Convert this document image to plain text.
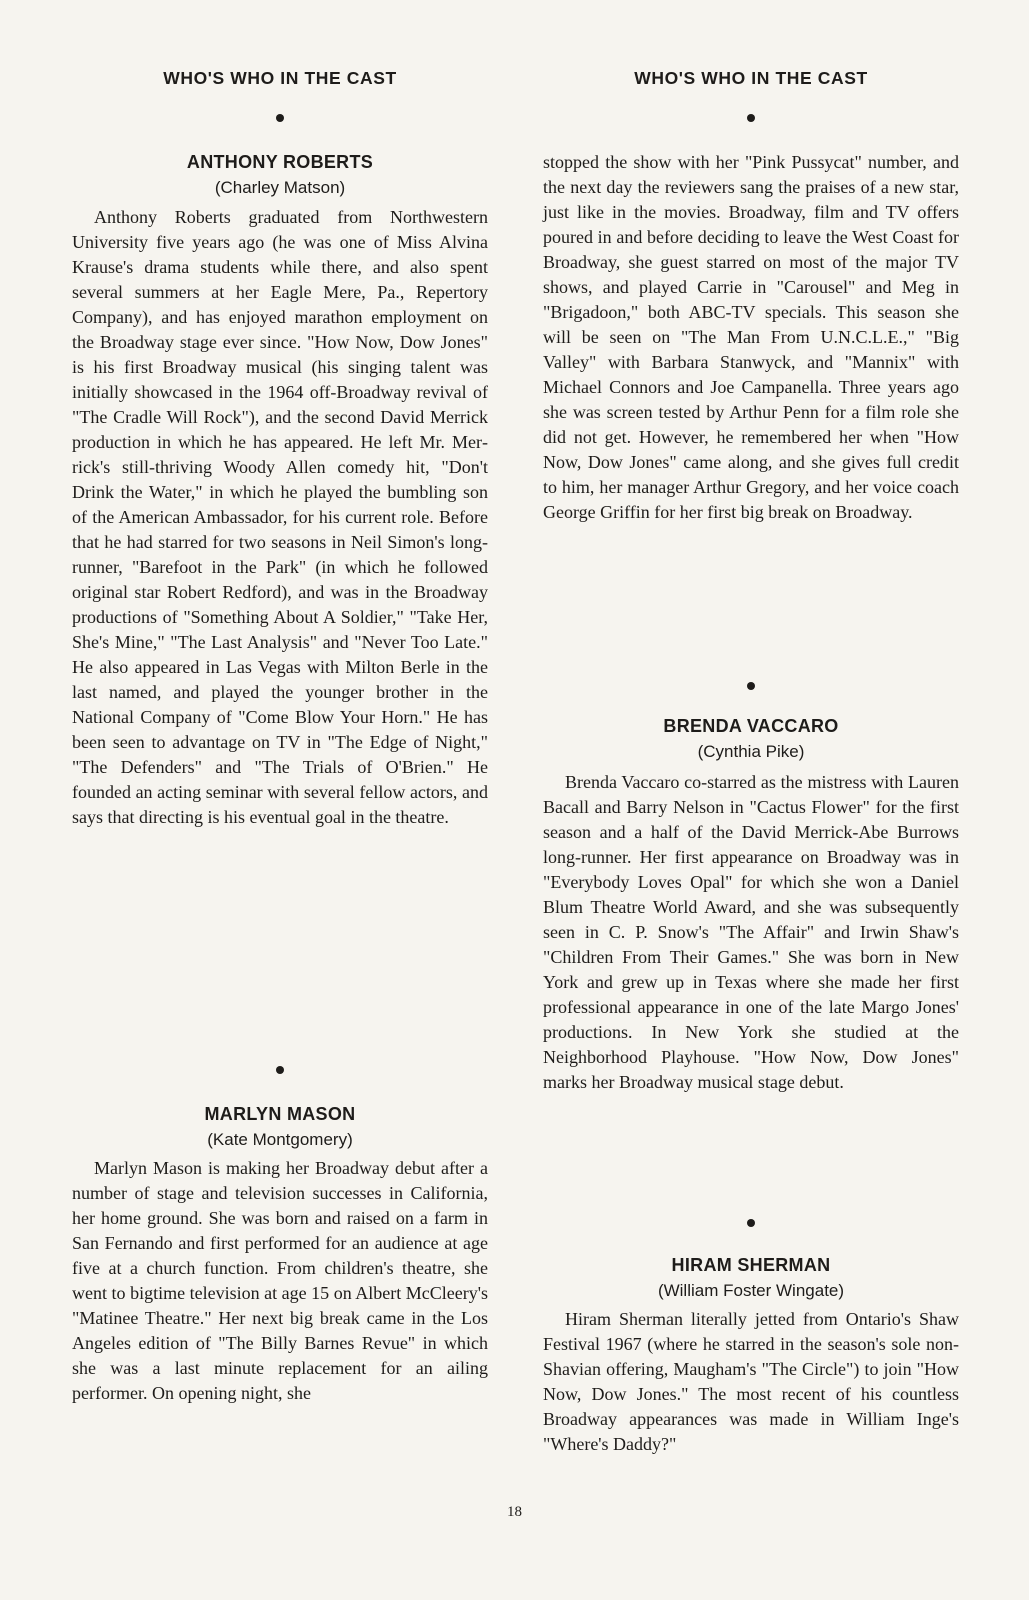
WHO'S WHO IN THE CAST
ANTHONY ROBERTS

(Charley Matson)

Anthony Roberts graduated from Northwestern University five years ago (he was one of Miss Alvina Krause's drama students while there, and also spent several summers at her Eagle Mere, Pa., Repertory Company), and has enjoyed marathon employment on the Broadway stage ever since. "How Now, Dow Jones" is his first Broadway musical (his singing talent was initially showcased in the 1964 off-Broadway revival of "The Cradle Will Rock"), and the second David Merrick production in which he has appeared. He left Mr. Merrick's still-thriving Woody Allen comedy hit, "Don't Drink the Water," in which he played the bumbling son of the American Ambassador, for his current role. Before that he had starred for two seasons in Neil Simon's long-runner, "Barefoot in the Park" (in which he followed original star Robert Redford), and was in the Broadway productions of "Something About A Soldier," "Take Her, She's Mine," "The Last Analysis" and "Never Too Late." He also appeared in Las Vegas with Milton Berle in the last named, and played the younger brother in the National Company of "Come Blow Your Horn." He has been seen to advantage on TV in "The Edge of Night," "The Defenders" and "The Trials of O'Brien." He founded an acting seminar with several fellow actors, and says that directing is his eventual goal in the theatre.

MARLYN MASON

(Kate Montgomery)

Marlyn Mason is making her Broadway debut after a number of stage and television successes in California, her home ground. She was born and raised on a farm in San Fernando and first performed for an audience at age five at a church function. From children's theatre, she went to bigtime television at age 15 on Albert McCleery's "Matinee Theatre." Her next big break came in the Los Angeles edition of "The Billy Barnes Revue" in which she was a last minute replacement for an ailing performer. On opening night, she

WHO'S WHO IN THE CAST

stopped the show with her "Pink Pussycat" number, and the next day the reviewers sang the praises of a new star, just like in the movies. Broadway, film and TV offers poured in and before deciding to leave the West Coast for Broadway, she guest starred on most of the major TV shows, and played Carrie in "Carousel" and Meg in "Brigadoon," both ABC-TV specials. This season she will be seen on "The Man From U.N.C.L.E.," "Big Valley" with Barbara Stanwyck, and "Mannix" with Michael Connors and Joe Campanella. Three years ago she was screen tested by Arthur Penn for a film role she did not get. However, he remembered her when "How Now, Dow Jones" came along, and she gives full credit to him, her manager Arthur Gregory, and her voice coach George Griffin for her first big break on Broadway.

BRENDA VACCARO

(Cynthia Pike)

Brenda Vaccaro co-starred as the mistress with Lauren Bacall and Barry Nelson in "Cactus Flower" for the first season and a half of the David Merrick-Abe Burrows long-runner. Her first appearance on Broadway was in "Everybody Loves Opal" for which she won a Daniel Blum Theatre World Award, and she was subsequently seen in C. P. Snow's "The Affair" and Irwin Shaw's "Children From Their Games." She was born in New York and grew up in Texas where she made her first professional appearance in one of the late Margo Jones' productions. In New York she studied at the Neighborhood Playhouse. "How Now, Dow Jones" marks her Broadway musical stage debut.

HIRAM SHERMAN

(William Foster Wingate)

Hiram Sherman literally jetted from Ontario's Shaw Festival 1967 (where he starred in the season's sole non-Shavian offering, Maugham's "The Circle") to join "How Now, Dow Jones." The most recent of his countless Broadway appearances was made in William Inge's "Where's Daddy?"

18
